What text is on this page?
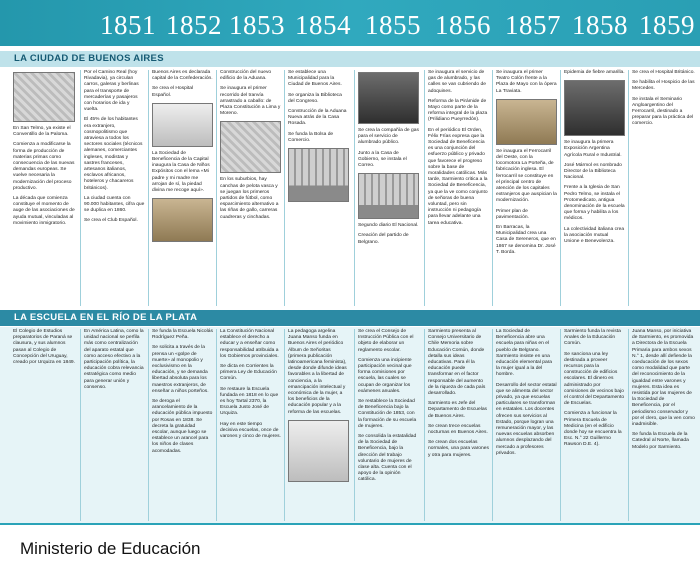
1851 1852 1853 1854 1855 1856 1857 1858 1859
LA CIUDAD DE BUENOS AIRES

En San Telmo, ya existe el Conventillo de la Paloma.

Comienza a modificarse la forma de producción de materias primas como consecuencia de las nuevas demandas europeas. Se vuelve necesaria la modernización del proceso productivo.

La década que comienza constituye el momento de auge de las asociaciones de ayuda mutual, vinculadas al movimiento inmigratorio.

Por el Camino Real (hoy Rivadavia), ya circulan carros, galeras y berlinas para el transporte de mercaderías y pasajeros con horarios de ida y vuelta.

El 45% de los habitantes era extranjero, cosmopolitismo que atraviesa a todos los sectores sociales (técnicos alemanes, comerciantes ingleses, modistas y sastres franceses, artesanos italianos, esclavos africanos, hoteleros y chacareros británicos).

La ciudad cuenta con 90.000 habitantes, cifra que se duplica en 1860.

Se crea el Club Español.

Buenos Aires es declarada capital de la Confederación.

Se crea el Hospital Español.

La Sociedad de Beneficencia de la Capital inaugura la Casa de Niños Expósitos con el lema «Mi padre y mi madre me arrojan de sí, la piedad divina me recoge aquí».

Construcción del nuevo edificio de la Aduana.

Se inaugura el primer recorrido del tranvía arrastrado a caballo: de Plaza Constitución a Lima y Moreno.

En los suburbios, hay canchas de pelota vasca y se juegan los primeros partidos de fútbol, como esparcimiento alternativo a las riñas de gallo, carreras cuadreras y cinchadas.

Se establece una Municipalidad para la Ciudad de Buenos Aires.

Se organiza la Biblioteca del Congreso.

Construcción de la Aduana Nueva atrás de la Casa Rosada.

Se funda la Bolsa de Comercio.

Se crea la compañía de gas para el servicio de alumbrado público.

Junto a la Casa de Gobierno, se instala el Correo.

Segundo diario El Nacional.

Creación del partido de Belgrano.

Se inaugura el servicio de gas de alumbrado, y las calles se van cubriendo de adoquines.

Reforma de la Pirámide de Mayo como parte de la reforma integral de la plaza (Prilidiano Pueyrredón).

En el periódico El Orden, Félix Frías expresa que la Sociedad de Beneficencia es una conjunción del esfuerzo público y privado que favorece el progreso sobre la base de moralidades católicas. Más tarde, Sarmiento critica a la Sociedad de Beneficencia, ya que la ve como conjunto de señoras de buena voluntad, pero sin instrucción ni pedagogía para llevar adelante una tarea educativa.

Se inaugura el primer Teatro Colón frente a la Plaza de Mayo con la ópera La Traviata.

Se inaugura el Ferrocarril del Oeste, con la locomotora La Porteña, de fabricación inglesa. El ferrocarril se constituye en el principal centro de atención de los capitales extranjeros que auspician la modernización.

Primer plan de pavimentación.

En Barracas, la Municipalidad crea una Casa de Sereneros, que en 1867 se denomina Dr. José T. Borda.

Epidemia de fiebre amarilla.

Se inaugura la primera Exposición Argentina Agrícola Rural e Industrial.

José Mármol es nombrado Director de la Biblioteca Nacional.

Frente a la Iglesia de San Pedro Telmo, se instala el Protomedicato, antigua denominación de la escuela que forma y habilita a los médicos.

La colectividad italiana crea la asociación mutual Unione e Benevolenza.

Se crea el Hospital Británico.

Se habilita el Hospicio de las Mercedes.

Se instala el Seminario Angloargentino del Ferrocarril, destinado a preparar para la práctica del comercio.

LA ESCUELA EN EL RÍO DE LA PLATA

El Colegio de Estudios preparatorios de Paraná se clausura, y sus alumnos pasan al Colegio de Concepción del Uruguay, creado por Urquiza en 1849.

En América Latina, como la unidad nacional se perfila más como centralización del aparato estatal que como acceso efectivo a la participación política, la educación cobra relevancia estratégica como medio para generar unión y consenso.

Se funda la Escuela Nicolás Rodríguez Peña.

Se solicita a través de la prensa un «golpe de muerte» al monopolio y exclusivismo en la educación, y se demanda libertad absoluta para los maestros extranjeros, de enseñar a niños porteños.

Se deroga el arancelamiento de la educación pública impuesto por Rosas en 1838. Se decreta la gratuidad escolar, aunque luego se establece un arancel para los niños de clases acomodadas.

La Constitución Nacional establece el derecho a educar y a enseñar como responsabilidad atribuida a los Gobiernos provinciales.

Se dicta en Corrientes la primera Ley de Educación Común.

Se restaure la Escuela fundada en 1818 en lo que es hoy Tartal 2370, la Escuela Justo José de Urquiza.

Hay en este tiempo decisiva escuelas, once de varones y cinco de mujeres.

La pedagoga argelina Juana Manso funda en Buenos Aires el periódico Álbum de Señoritas (primera publicación latinoamericana feminista), desde donde difunde ideas favorables a la libertad de conciencia, a la emancipación intelectual y económica de la mujer, a los beneficios de la educación popular y a la reforma de las escuelas.

Se crea el Consejo de Instrucción Pública con el objeto de elaborar un reglamento escolar.

Comienza una incipiente participación vecinal que forma comisiones por escuela, las cuales se ocupan de organizar los exámenes anuales.

Se restablece la Sociedad de Beneficencia bajo la Constitución de 1853, con la formación de su escuela de mujeres.

Se consolida la estatalidad de la Sociedad de Beneficencia, bajo la dirección del trabajo voluntario de mujeres de clase alta. Cuenta con el apoyo de la opinión católica.

Sarmiento presenta al Consejo Universitario de Chile Memoria sobre Educación Común, donde detalla sus ideas educativas. Para él la educación puede transformar en el factor responsable del aumento de la riqueza de cada país desarrollado.

Sarmiento es Jefe del Departamento de Escuelas de Buenos Aires.

Se crean trece escuelas nocturnas en Buenos Aires.

Se crean dos escuelas normales, una para varones y otra para mujeres.

La Sociedad de Beneficencia abre una escuela para niñas en el pueblo de Belgrano. Sarmiento insiste en una educación elemental para la mujer igual a la del hombre.

Desarrollo del sector estatal que se alimenta del sector privado, ya que escuelas particulares se transforman en estatales. Los docentes ofrecen sus servicios al Estado, porque logran una remuneración mayor, y las nuevas escuelas absorben alumnos desplazando del mercado a profesores privados.

Sarmiento funda la revista Anales de la Educación Común.

Se sanciona una ley destinada a proveer recursos para la construcción de edificios escolares. El dinero es administrado por comisiones de vecinos bajo el control del Departamento de Escuelas.

Comienza a funcionar la Primera Escuela de Medicina (en el edificio donde hoy se encuentra la Esc. N.° 22 Guillermo Rawson D.E. 4).

Juana Manso, por iniciativa de Sarmiento, es promovida a Directora de la Escuela Primaria para ambos sexos N.° 1, desde allí defiende la coeducación de los sexos como modalidad que parte del reconocimiento de la igualdad entre varones y mujeres. Esta idea es resistida por las mujeres de la Sociedad de Beneficencia, por el periodismo conservador y por el clero, que la ven como inadmisible.

Se funda la Escuela de la Catedral al Norte, llamada Modelo por Sarmiento.

Ministerio de Educación
